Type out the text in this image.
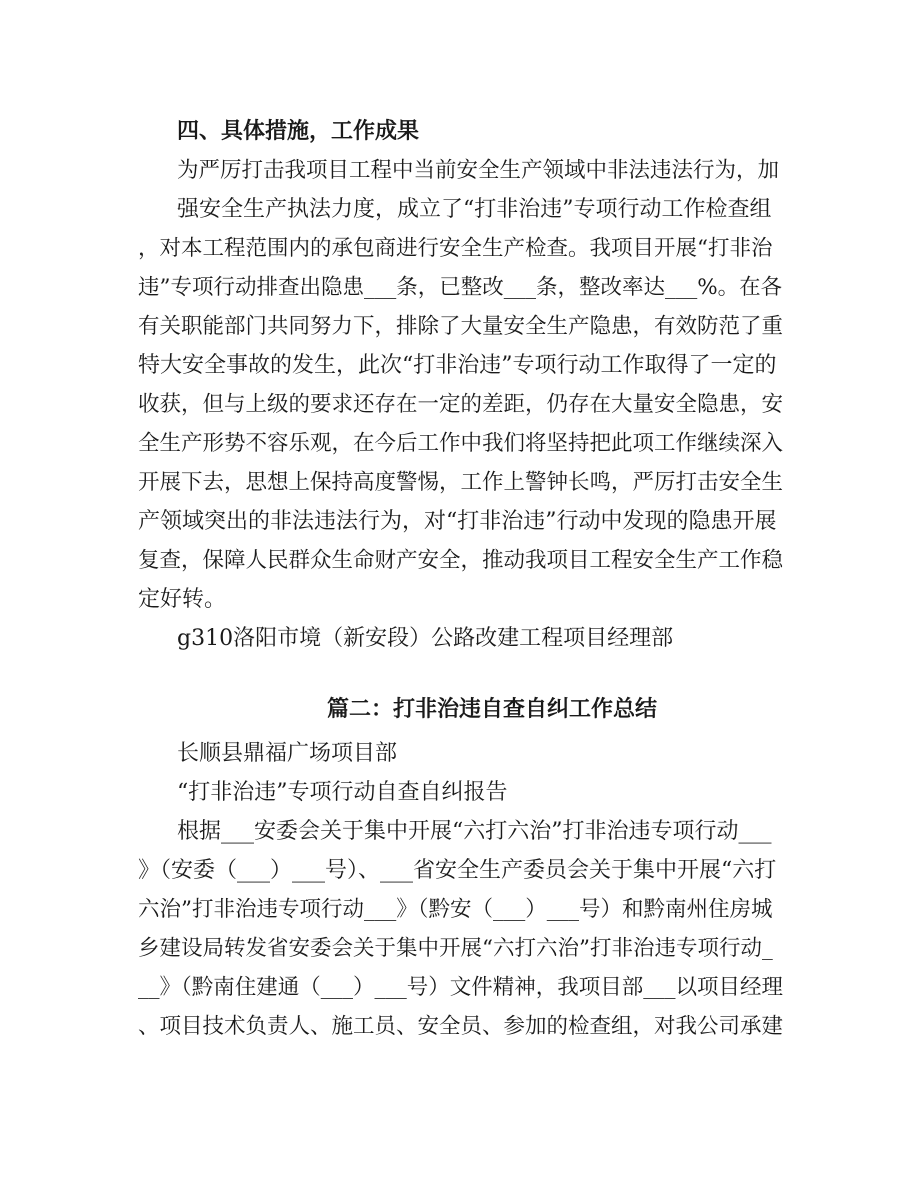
四、具体措施，工作成果
为严厉打击我项目工程中当前安全生产领域中非法违法行为，加
强安全生产执法力度，成立了“打非治违”专项行动工作检查组
，对本工程范围内的承包商进行安全生产检查。我项目开展“打非治
违”专项行动排查出隐患___条，已整改___条，整改率达___%。在各
有关职能部门共同努力下，排除了大量安全生产隐患，有效防范了重
特大安全事故的发生，此次“打非治违”专项行动工作取得了一定的
收获，但与上级的要求还存在一定的差距，仍存在大量安全隐患，安
全生产形势不容乐观，在今后工作中我们将坚持把此项工作继续深入
开展下去，思想上保持高度警惕，工作上警钟长鸣，严厉打击安全生
产领域突出的非法违法行为，对“打非治违”行动中发现的隐患开展
复查，保障人民群众生命财产安全，推动我项目工程安全生产工作稳
定好转。
g310洛阳市境（新安段）公路改建工程项目经理部
篇二：打非治违自查自纠工作总结
长顺县鼎福广场项目部
“打非治违”专项行动自查自纠报告
根据___安委会关于集中开展“六打六治”打非治违专项行动___
》（安委（___）___号）、___省安全生产委员会关于集中开展“六打
六治”打非治违专项行动___》（黔安（___）___号）和黔南州住房城
乡建设局转发省安委会关于集中开展“六打六治”打非治违专项行动_
__》（黔南住建通（___）___号）文件精神，我项目部___以项目经理
、项目技术负责人、施工员、安全员、参加的检查组，对我公司承建
